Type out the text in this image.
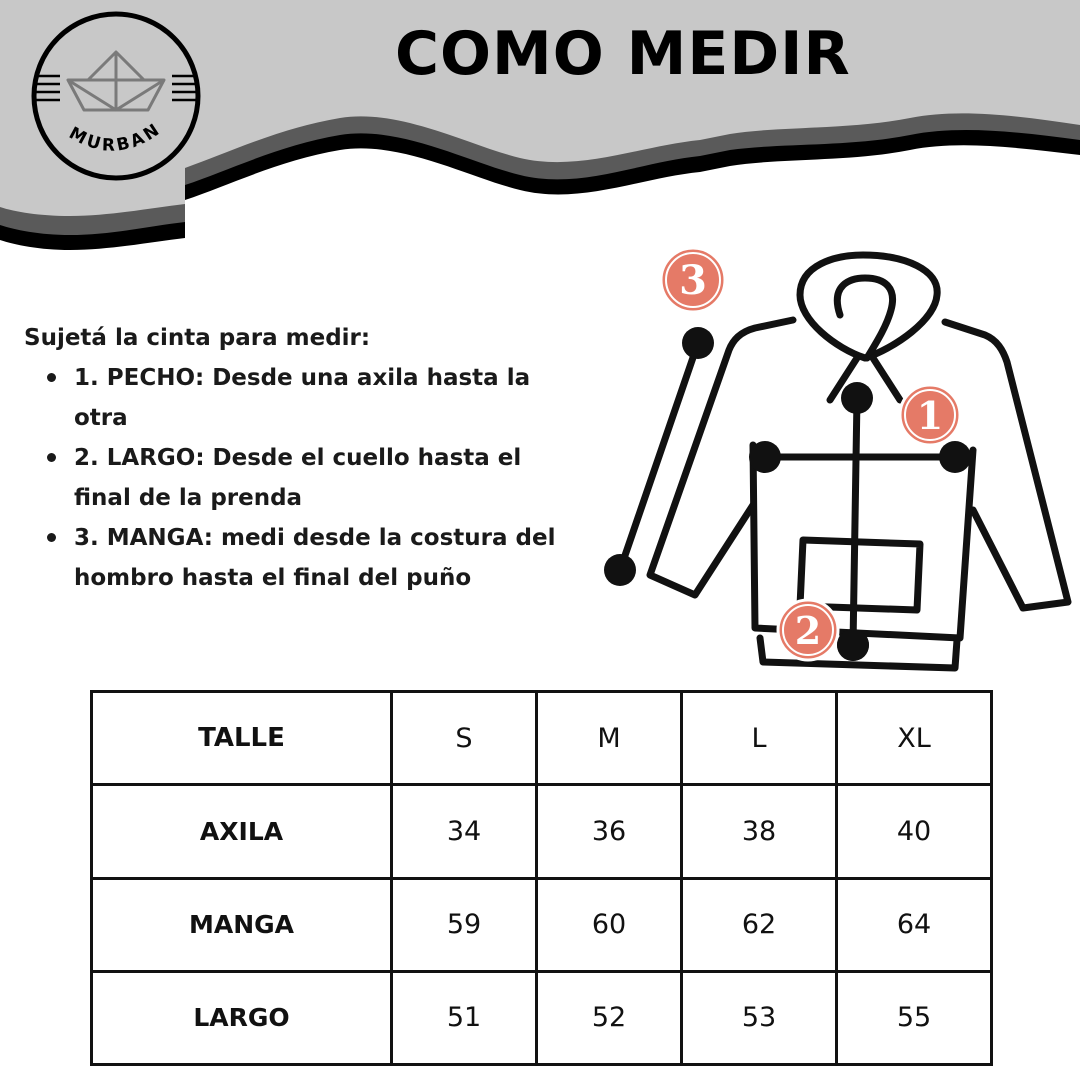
MURBAN
COMO MEDIR

Sujetá la cinta para medir:

1. PECHO: Desde una axila hasta la otra
2. LARGO: Desde el cuello hasta el final de la prenda
3. MANGA: medi desde la costura del hombro hasta el final del puño
3
1
2
TALLE	S	M	L	XL
AXILA	34	36	38	40
MANGA	59	60	62	64
LARGO	51	52	53	55
